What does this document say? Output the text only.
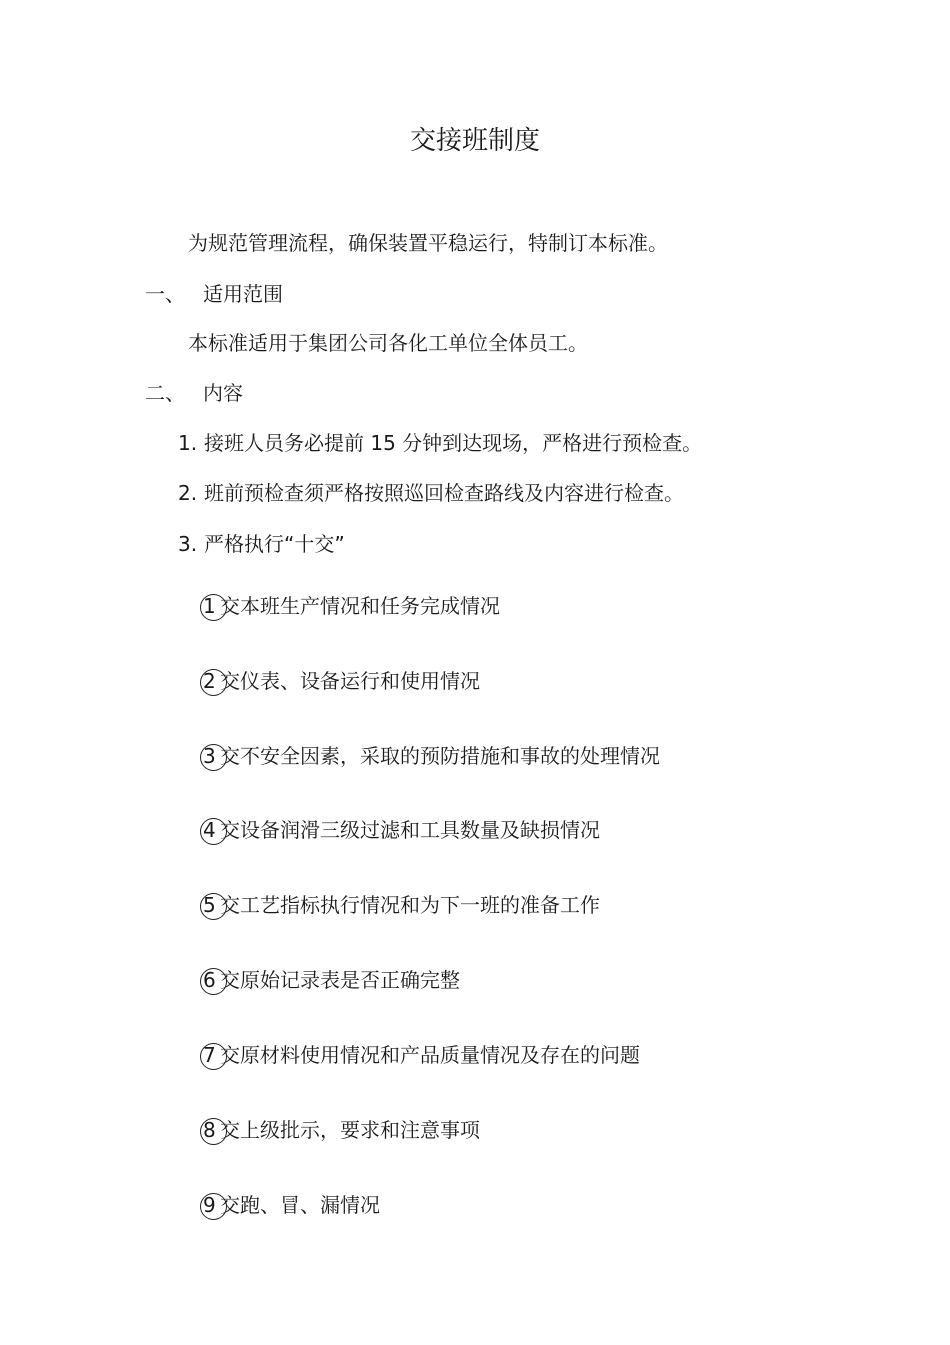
交接班制度
为规范管理流程，确保装置平稳运行，特制订本标准。
一、 适用范围
本标准适用于集团公司各化工单位全体员工。
二、 内容
1. 接班人员务必提前 15 分钟到达现场，严格进行预检查。
2. 班前预检查须严格按照巡回检查路线及内容进行检查。
3. 严格执行“十交”
1 交本班生产情况和任务完成情况
2 交仪表、设备运行和使用情况
3 交不安全因素，采取的预防措施和事故的处理情况
4 交设备润滑三级过滤和工具数量及缺损情况
5 交工艺指标执行情况和为下一班的准备工作
6 交原始记录表是否正确完整
7 交原材料使用情况和产品质量情况及存在的问题
8 交上级批示，要求和注意事项
9 交跑、冒、漏情况
